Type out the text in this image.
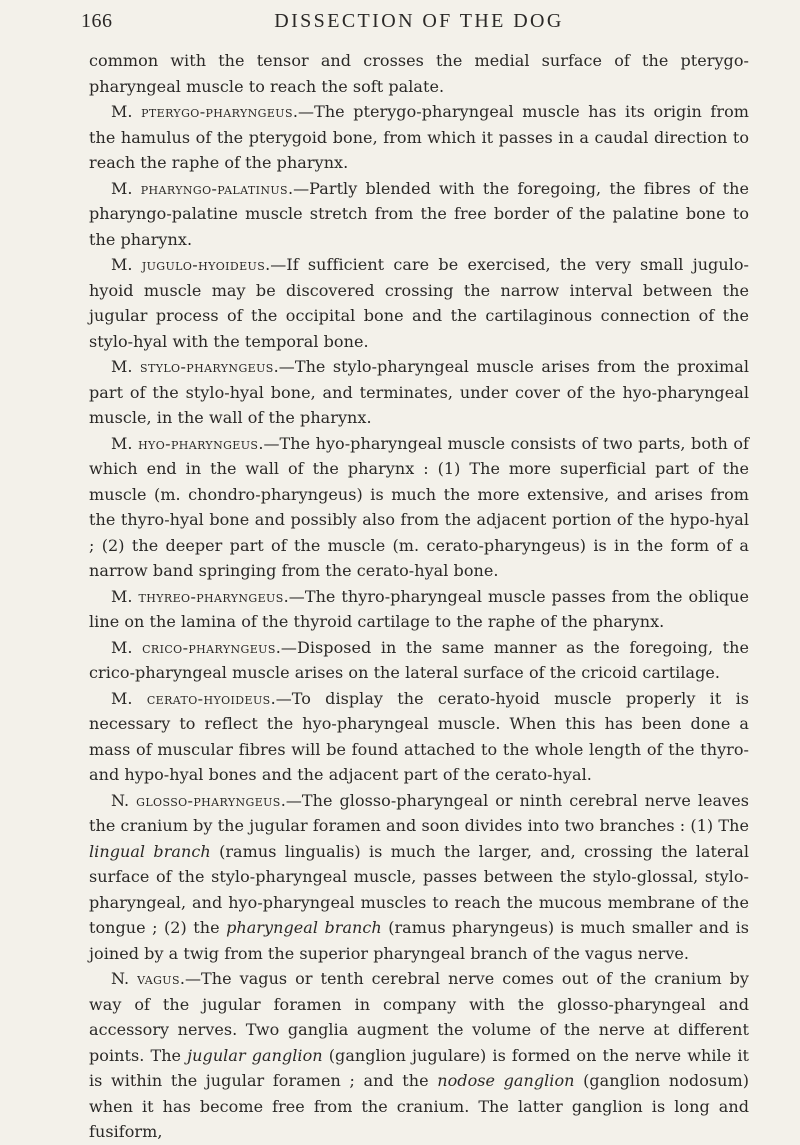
166	DISSECTION OF THE DOG

common with the tensor and crosses the medial surface of the pterygo-pharyngeal muscle to reach the soft palate.

M. pterygo-pharyngeus.—The pterygo-pharyngeal muscle has its origin from the hamulus of the pterygoid bone, from which it passes in a caudal direction to reach the raphe of the pharynx.

M. pharyngo-palatinus.—Partly blended with the foregoing, the fibres of the pharyngo-palatine muscle stretch from the free border of the palatine bone to the pharynx.

M. jugulo-hyoideus.—If sufficient care be exercised, the very small jugulo-hyoid muscle may be discovered crossing the narrow interval between the jugular process of the occipital bone and the cartilaginous connection of the stylo-hyal with the temporal bone.

M. stylo-pharyngeus.—The stylo-pharyngeal muscle arises from the proximal part of the stylo-hyal bone, and terminates, under cover of the hyo-pharyngeal muscle, in the wall of the pharynx.

M. hyo-pharyngeus.—The hyo-pharyngeal muscle consists of two parts, both of which end in the wall of the pharynx : (1) The more superficial part of the muscle (m. chondro-pharyngeus) is much the more extensive, and arises from the thyro-hyal bone and possibly also from the adjacent portion of the hypo-hyal ; (2) the deeper part of the muscle (m. cerato-pharyngeus) is in the form of a narrow band springing from the cerato-hyal bone.

M. thyreo-pharyngeus.—The thyro-pharyngeal muscle passes from the oblique line on the lamina of the thyroid cartilage to the raphe of the pharynx.

M. crico-pharyngeus.—Disposed in the same manner as the foregoing, the crico-pharyngeal muscle arises on the lateral surface of the cricoid cartilage.

M. cerato-hyoideus.—To display the cerato-hyoid muscle properly it is necessary to reflect the hyo-pharyngeal muscle. When this has been done a mass of muscular fibres will be found attached to the whole length of the thyro- and hypo-hyal bones and the adjacent part of the cerato-hyal.

N. glosso-pharyngeus.—The glosso-pharyngeal or ninth cerebral nerve leaves the cranium by the jugular foramen and soon divides into two branches : (1) The lingual branch (ramus lingualis) is much the larger, and, crossing the lateral surface of the stylo-pharyngeal muscle, passes between the stylo-glossal, stylo-pharyngeal, and hyo-pharyngeal muscles to reach the mucous membrane of the tongue ; (2) the pharyngeal branch (ramus pharyngeus) is much smaller and is joined by a twig from the superior pharyngeal branch of the vagus nerve.

N. vagus.—The vagus or tenth cerebral nerve comes out of the cranium by way of the jugular foramen in company with the glosso-pharyngeal and accessory nerves. Two ganglia augment the volume of the nerve at different points. The jugular ganglion (ganglion jugulare) is formed on the nerve while it is within the jugular foramen ; and the nodose ganglion (ganglion nodosum) when it has become free from the cranium. The latter ganglion is long and fusiform,
